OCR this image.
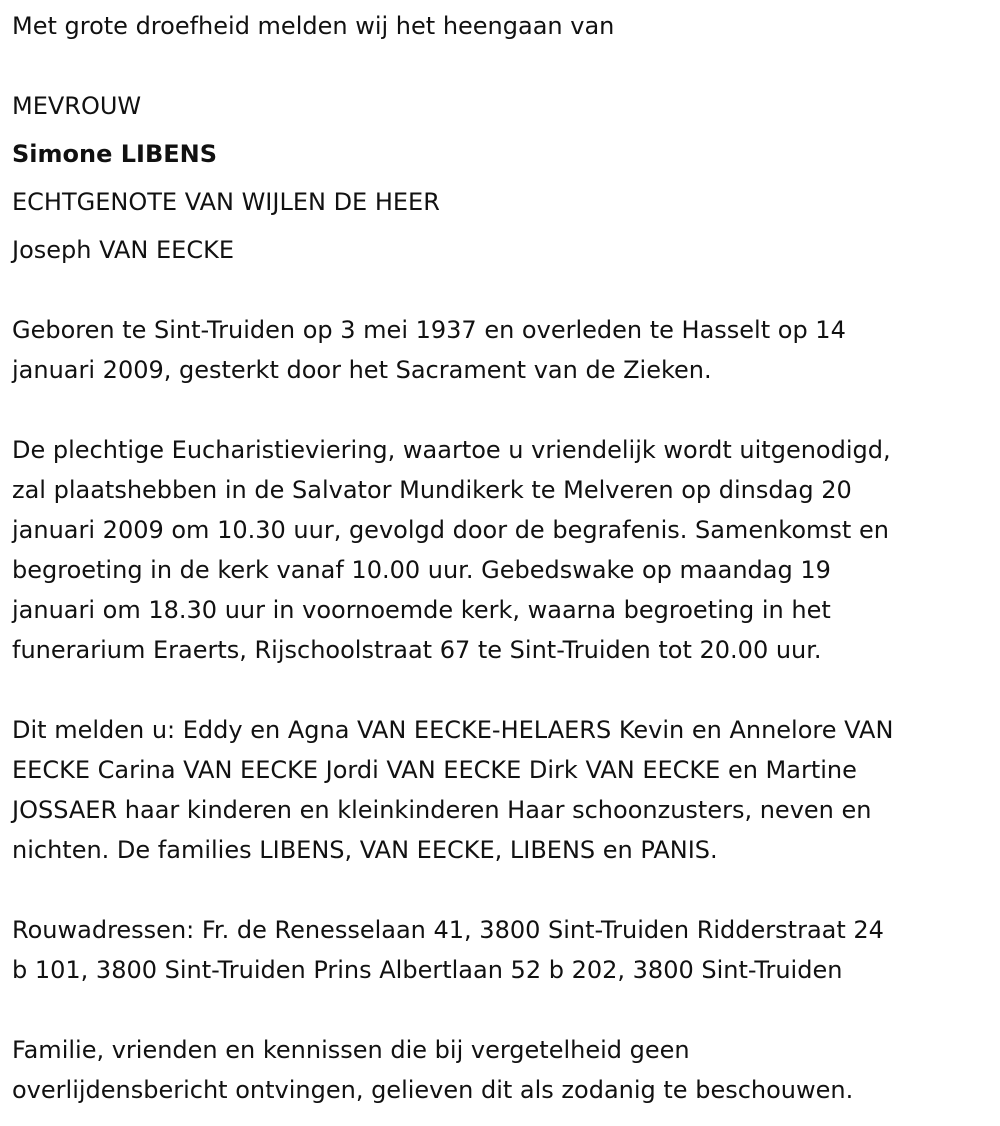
Met grote droefheid melden wij het heengaan van
MEVROUW
Simone LIBENS
ECHTGENOTE VAN WIJLEN DE HEER
Joseph VAN EECKE
Geboren te Sint-Truiden op 3 mei 1937 en overleden te Hasselt op 14
januari 2009, gesterkt door het Sacrament van de Zieken.
De plechtige Eucharistieviering, waartoe u vriendelijk wordt uitgenodigd,
zal plaatshebben in de Salvator Mundikerk te Melveren op dinsdag 20
januari 2009 om 10.30 uur, gevolgd door de begrafenis. Samenkomst en
begroeting in de kerk vanaf 10.00 uur. Gebedswake op maandag 19
januari om 18.30 uur in voornoemde kerk, waarna begroeting in het
funerarium Eraerts, Rijschoolstraat 67 te Sint-Truiden tot 20.00 uur.
Dit melden u: Eddy en Agna VAN EECKE-HELAERS Kevin en Annelore VAN
EECKE Carina VAN EECKE Jordi VAN EECKE Dirk VAN EECKE en Martine
JOSSAER haar kinderen en kleinkinderen Haar schoonzusters, neven en
nichten. De families LIBENS, VAN EECKE, LIBENS en PANIS.
Rouwadressen: Fr. de Renesselaan 41, 3800 Sint-Truiden Ridderstraat 24
b 101, 3800 Sint-Truiden Prins Albertlaan 52 b 202, 3800 Sint-Truiden
Familie, vrienden en kennissen die bij vergetelheid geen
overlijdensbericht ontvingen, gelieven dit als zodanig te beschouwen.
